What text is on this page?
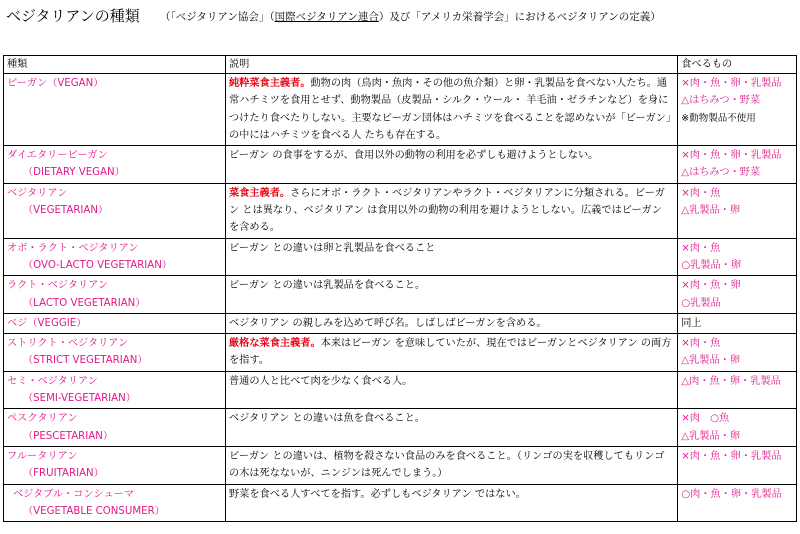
ベジタリアンの種類 （「ベジタリアン協会」（国際ベジタリアン連合）及び「アメリカ栄養学会」におけるベジタリアンの定義）
種類	説明	食べるもの
ビーガン（VEGAN）	純粋菜食主義者。動物の肉（鳥肉・魚肉・その他の魚介類）と卵・乳製品を食べない人たち。通常ハチミツを食用とせず、動物製品（皮製品・シルク・ウール・ 羊毛油・ゼラチンなど）を身につけたり食べたりしない。主要なビーガン団体はハチミツを食べることを認めないが「ビーガン」の中にはハチミツを食べる人 たちも存在する。	×肉・魚・卵・乳製品
△はちみつ・野菜
※動物製品不使用

ダイエタリービーガン
（DIETARY VEGAN）	ビーガン の食事をするが、食用以外の動物の利用を必ずしも避けようとしない。	×肉・魚・卵・乳製品
△はちみつ・野菜

ベジタリアン
（VEGETARIAN）	菜食主義者。さらにオボ・ラクト・ベジタリアンやラクト・ベジタリアンに分類される。ビーガン とは異なり、ベジタリアン は食用以外の動物の利用を避けようとしない。広義ではビーガン を含める。	×肉・魚
△乳製品・卵

オボ・ラクト・ベジタリアン
（OVO-LACTO VEGETARIAN）	ビーガン との違いは卵と乳製品を食べること	×肉・魚
○乳製品・卵

ラクト・ベジタリアン
（LACTO VEGETARIAN）	ビーガン との違いは乳製品を食べること。	×肉・魚・卵
○乳製品

ベジ（VEGGIE）	ベジタリアン の親しみを込めて呼び名。しばしばビーガンを含める。	同上

ストリクト・ベジタリアン
（STRICT VEGETARIAN）	厳格な菜食主義者。本来はビーガン を意味していたが、現在ではビーガンとベジタリアン の両方を指す。	×肉・魚
△乳製品・卵

セミ・ベジタリアン
（SEMI-VEGETARIAN）	普通の人と比べて肉を少なく食べる人。	△肉・魚・卵・乳製品

ペスクタリアン
（PESCETARIAN）	ベジタリアン との違いは魚を食べること。	×肉　○魚
△乳製品・卵

フルータリアン
（FRUITARIAN）	ビーガン との違いは、植物を殺さない食品のみを食べること。（リンゴの実を収穫してもリンゴの木は死なないが、ニンジンは死んでしまう。）	×肉・魚・卵・乳製品

ベジタブル・コンシューマ
（VEGETABLE CONSUMER）	野菜を食べる人すべてを指す。必ずしもベジタリアン ではない。	○肉・魚・卵・乳製品
